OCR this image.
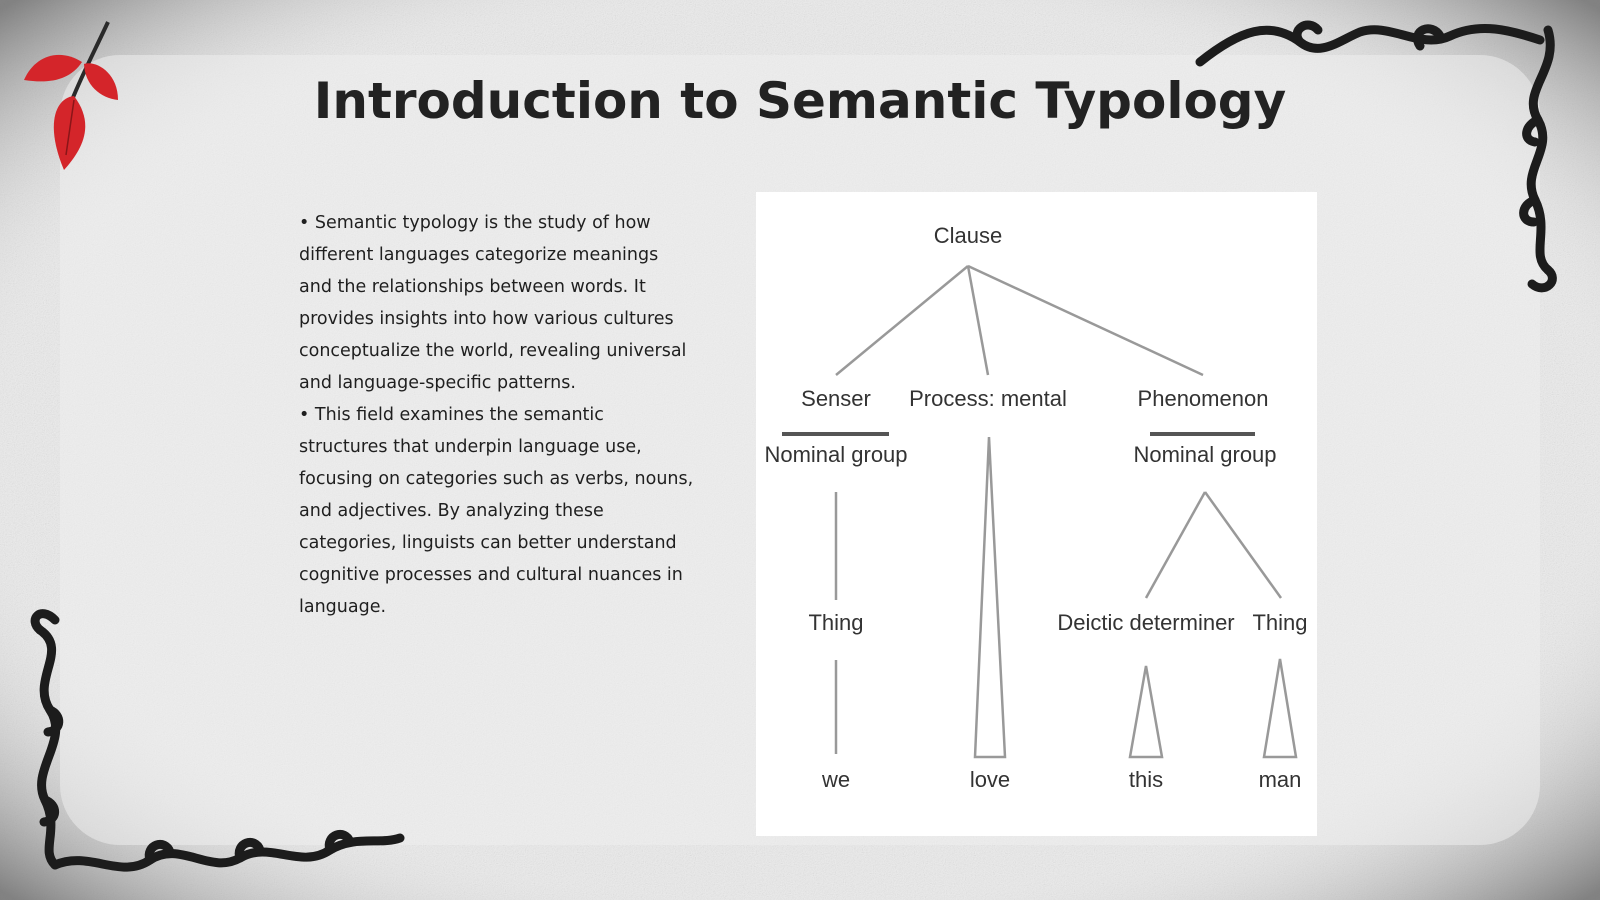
Introduction to Semantic Typology

• Semantic typology is the study of how different languages categorize meanings and the relationships between words. It provides insights into how various cultures conceptualize the world, revealing universal and language-specific patterns.

• This field examines the semantic structures that underpin language use, focusing on categories such as verbs, nouns, and adjectives. By analyzing these categories, linguists can better understand cognitive processes and cultural nuances in language.

Clause
Senser Process: mental	Phenomenon
Nominal group	Nominal group
Thing	Deictic determiner Thing
we	love	this	man
